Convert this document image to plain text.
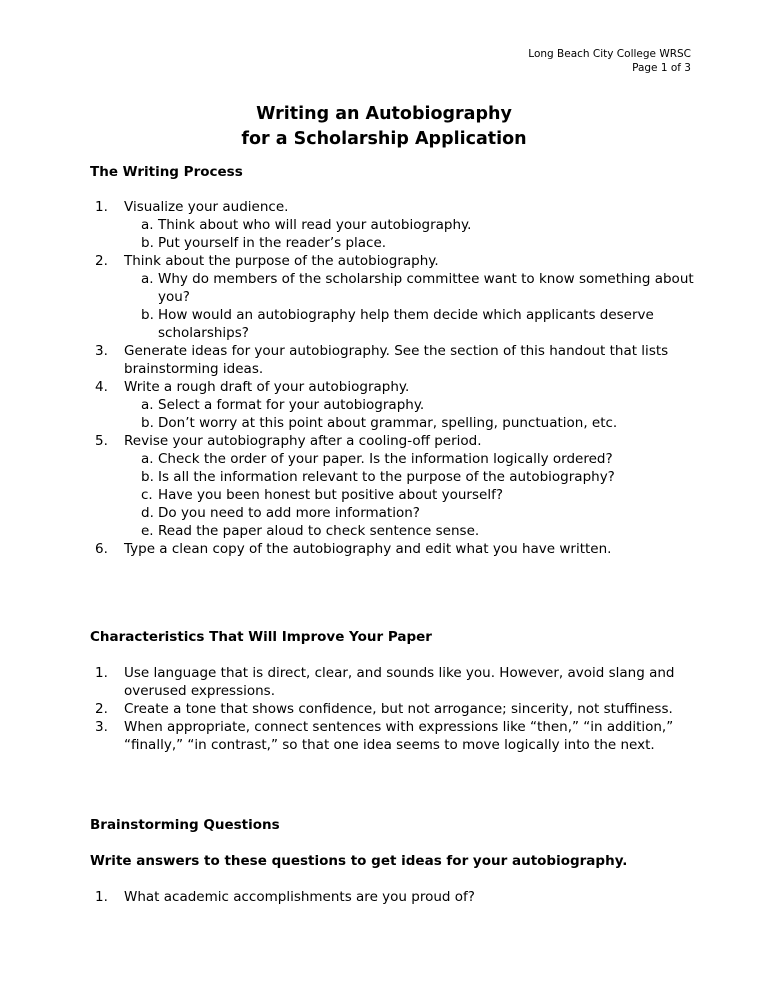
Long Beach City College WRSC
Page 1 of 3
Writing an Autobiography
for a Scholarship Application
The Writing Process
1. Visualize your audience.
a. Think about who will read your autobiography.
b. Put yourself in the reader’s place.
2. Think about the purpose of the autobiography.
a. Why do members of the scholarship committee want to know something about you?
b. How would an autobiography help them decide which applicants deserve scholarships?
3. Generate ideas for your autobiography. See the section of this handout that lists brainstorming ideas.
4. Write a rough draft of your autobiography.
a. Select a format for your autobiography.
b. Don’t worry at this point about grammar, spelling, punctuation, etc.
5. Revise your autobiography after a cooling-off period.
a. Check the order of your paper. Is the information logically ordered?
b. Is all the information relevant to the purpose of the autobiography?
c. Have you been honest but positive about yourself?
d. Do you need to add more information?
e. Read the paper aloud to check sentence sense.
6. Type a clean copy of the autobiography and edit what you have written.
Characteristics That Will Improve Your Paper
1. Use language that is direct, clear, and sounds like you. However, avoid slang and overused expressions.
2. Create a tone that shows confidence, but not arrogance; sincerity, not stuffiness.
3. When appropriate, connect sentences with expressions like “then,” “in addition,” “finally,” “in contrast,” so that one idea seems to move logically into the next.
Brainstorming Questions
Write answers to these questions to get ideas for your autobiography.
1. What academic accomplishments are you proud of?
